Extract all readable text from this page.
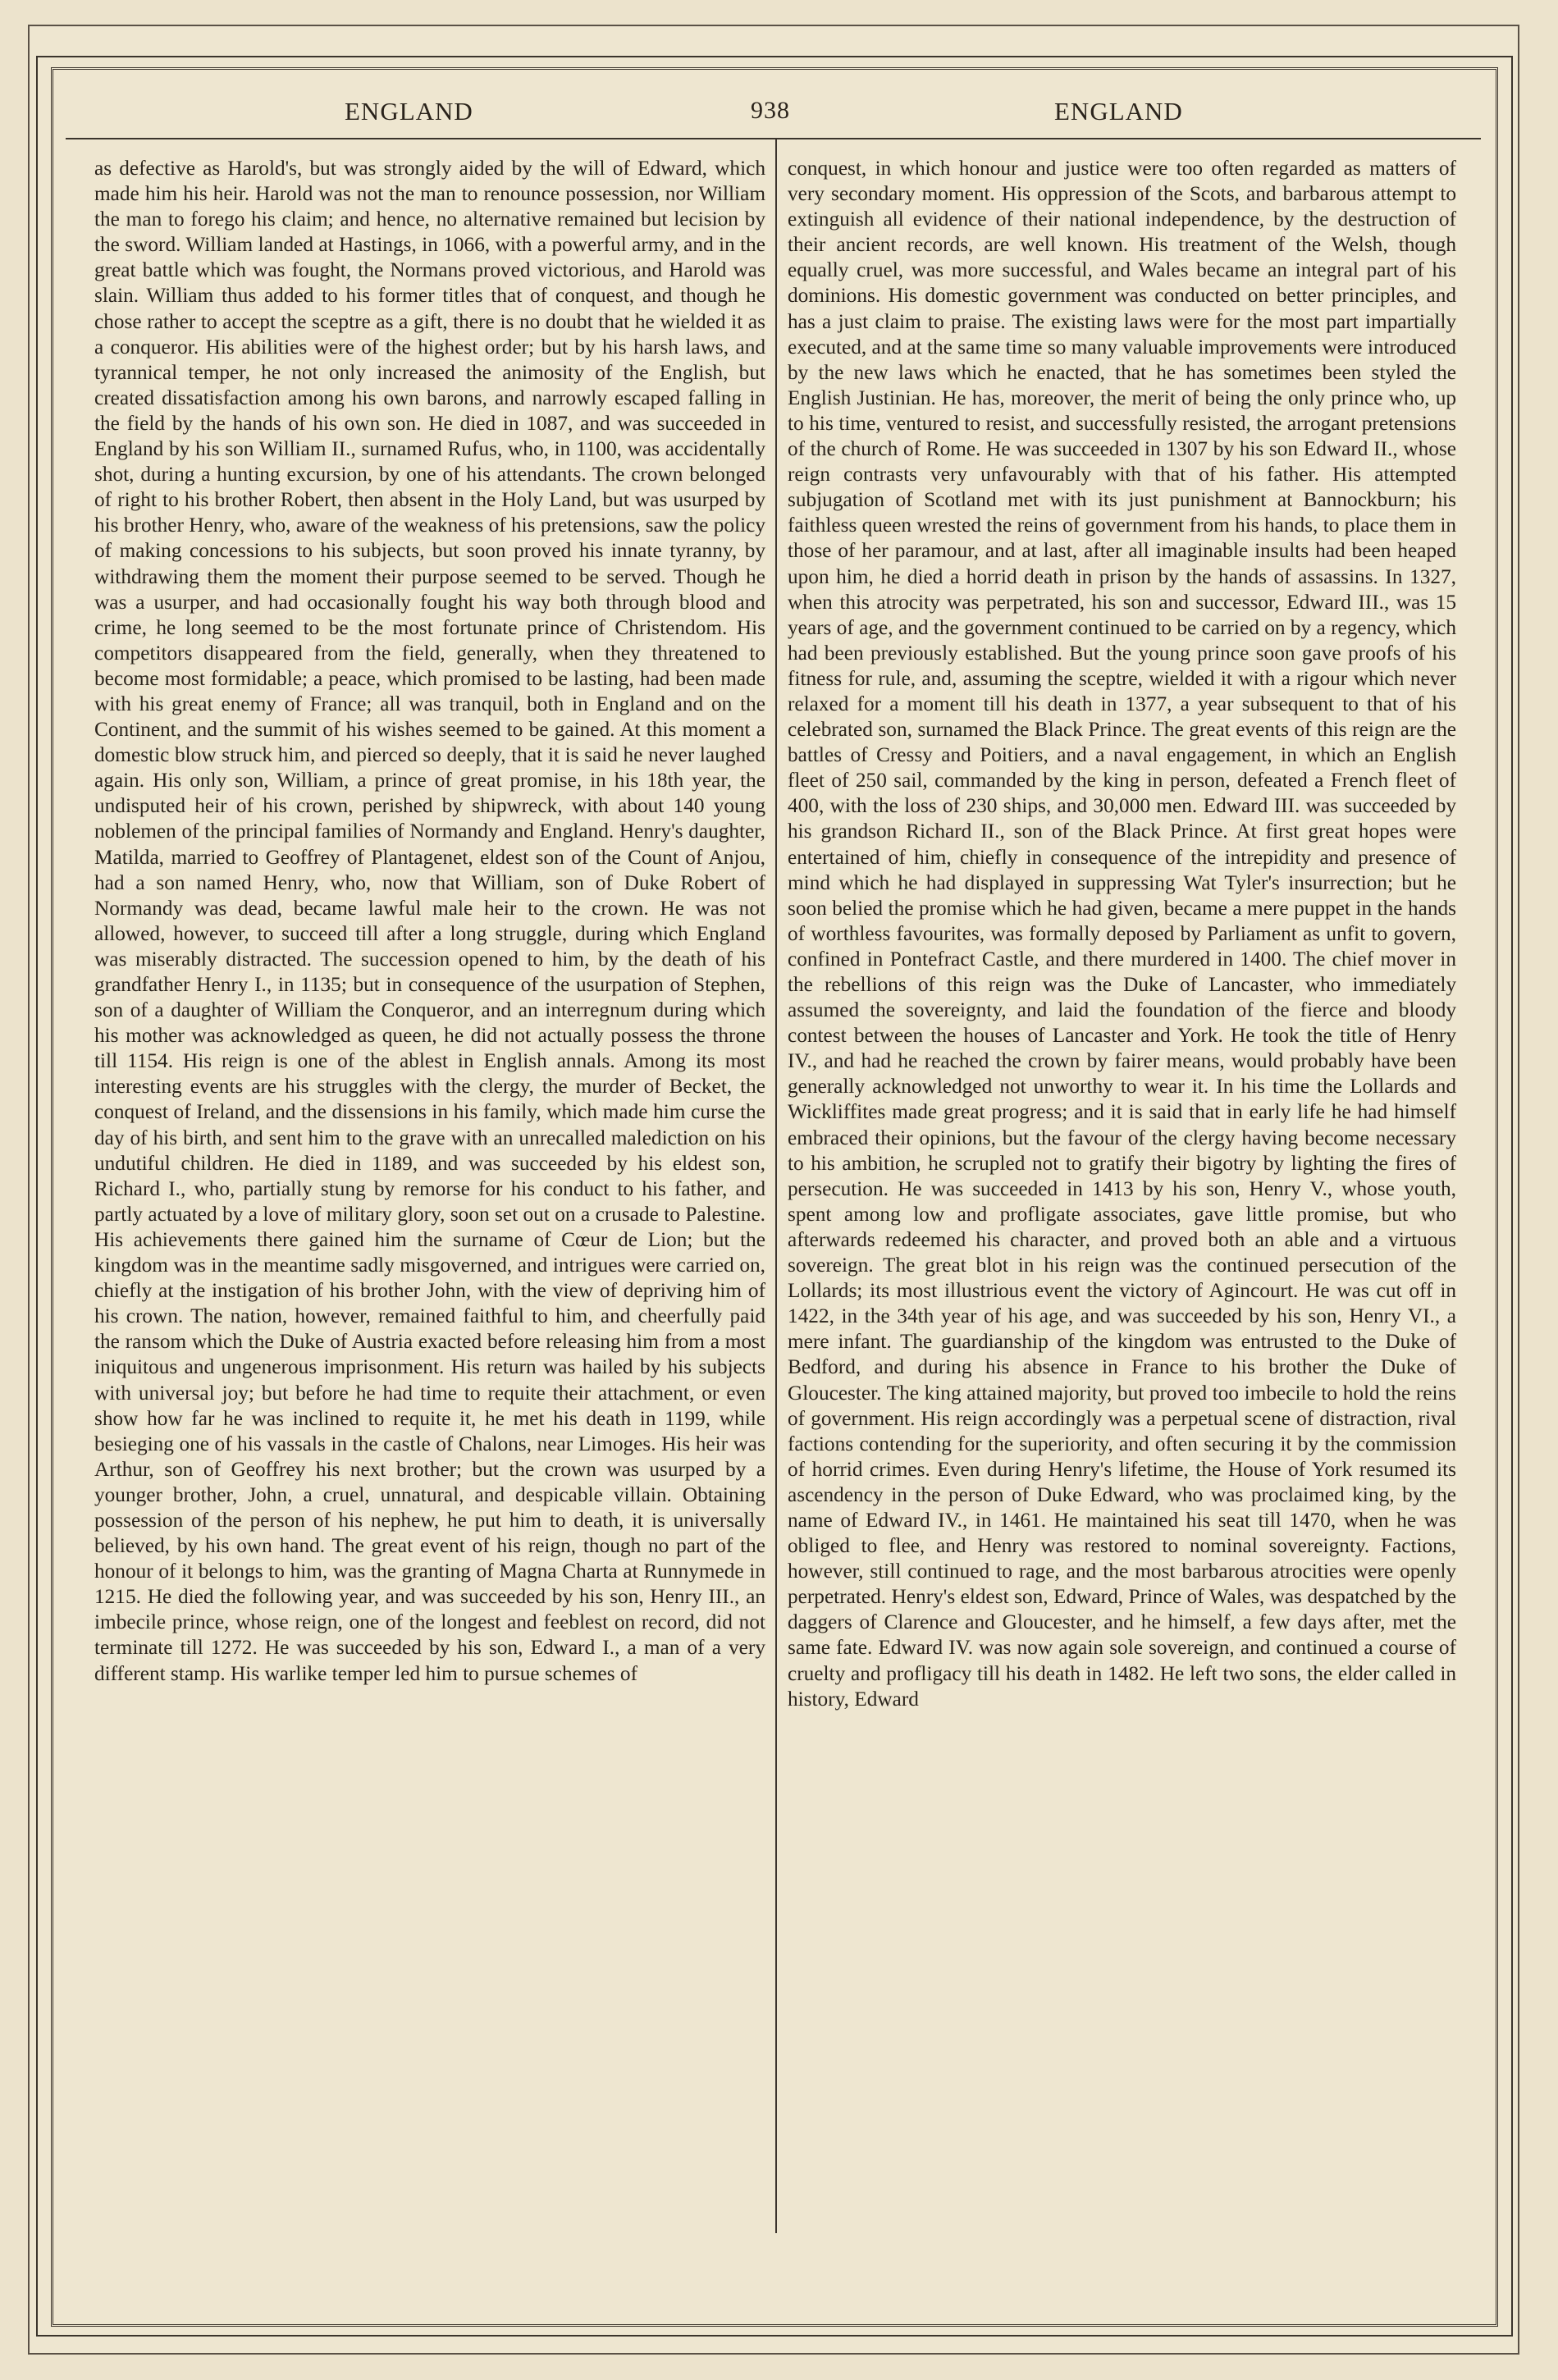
ENGLAND	938	ENGLAND

as defective as Harold's, but was strongly aided by the will of Edward, which made him his heir. Harold was not the man to renounce possession, nor William the man to forego his claim; and hence, no alternative remained but lecision by the sword. William landed at Hastings, in 1066, with a powerful army, and in the great battle which was fought, the Normans proved victorious, and Harold was slain. William thus added to his former titles that of conquest, and though he chose rather to accept the sceptre as a gift, there is no doubt that he wielded it as a conqueror. His abilities were of the highest order; but by his harsh laws, and tyrannical temper, he not only increased the animosity of the English, but created dissatisfaction among his own barons, and narrowly escaped falling in the field by the hands of his own son. He died in 1087, and was succeeded in England by his son William II., surnamed Rufus, who, in 1100, was accidentally shot, during a hunting excursion, by one of his attendants. The crown belonged of right to his brother Robert, then absent in the Holy Land, but was usurped by his brother Henry, who, aware of the weakness of his pretensions, saw the policy of making concessions to his subjects, but soon proved his innate tyranny, by withdrawing them the moment their purpose seemed to be served. Though he was a usurper, and had occasionally fought his way both through blood and crime, he long seemed to be the most fortunate prince of Christendom. His competitors disappeared from the field, generally, when they threatened to become most formidable; a peace, which promised to be lasting, had been made with his great enemy of France; all was tranquil, both in England and on the Continent, and the summit of his wishes seemed to be gained. At this moment a domestic blow struck him, and pierced so deeply, that it is said he never laughed again. His only son, William, a prince of great promise, in his 18th year, the undisputed heir of his crown, perished by shipwreck, with about 140 young noblemen of the principal families of Normandy and England. Henry's daughter, Matilda, married to Geoffrey of Plantagenet, eldest son of the Count of Anjou, had a son named Henry, who, now that William, son of Duke Robert of Normandy was dead, became lawful male heir to the crown. He was not allowed, however, to succeed till after a long struggle, during which England was miserably distracted. The succession opened to him, by the death of his grandfather Henry I., in 1135; but in consequence of the usurpation of Stephen, son of a daughter of William the Conqueror, and an interregnum during which his mother was acknowledged as queen, he did not actually possess the throne till 1154. His reign is one of the ablest in English annals. Among its most interesting events are his struggles with the clergy, the murder of Becket, the conquest of Ireland, and the dissensions in his family, which made him curse the day of his birth, and sent him to the grave with an unrecalled malediction on his undutiful children. He died in 1189, and was succeeded by his eldest son, Richard I., who, partially stung by remorse for his conduct to his father, and partly actuated by a love of military glory, soon set out on a crusade to Palestine. His achievements there gained him the surname of Cœur de Lion; but the kingdom was in the meantime sadly misgoverned, and intrigues were carried on, chiefly at the instigation of his brother John, with the view of depriving him of his crown. The nation, however, remained faithful to him, and cheerfully paid the ransom which the Duke of Austria exacted before releasing him from a most iniquitous and ungenerous imprisonment. His return was hailed by his subjects with universal joy; but before he had time to requite their attachment, or even show how far he was inclined to requite it, he met his death in 1199, while besieging one of his vassals in the castle of Chalons, near Limoges. His heir was Arthur, son of Geoffrey his next brother; but the crown was usurped by a younger brother, John, a cruel, unnatural, and despicable villain. Obtaining possession of the person of his nephew, he put him to death, it is universally believed, by his own hand. The great event of his reign, though no part of the honour of it belongs to him, was the granting of Magna Charta at Runnymede in 1215. He died the following year, and was succeeded by his son, Henry III., an imbecile prince, whose reign, one of the longest and feeblest on record, did not terminate till 1272. He was succeeded by his son, Edward I., a man of a very different stamp. His warlike temper led him to pursue schemes of

conquest, in which honour and justice were too often regarded as matters of very secondary moment. His oppression of the Scots, and barbarous attempt to extinguish all evidence of their national independence, by the destruction of their ancient records, are well known. His treatment of the Welsh, though equally cruel, was more successful, and Wales became an integral part of his dominions. His domestic government was conducted on better principles, and has a just claim to praise. The existing laws were for the most part impartially executed, and at the same time so many valuable improvements were introduced by the new laws which he enacted, that he has sometimes been styled the English Justinian. He has, moreover, the merit of being the only prince who, up to his time, ventured to resist, and successfully resisted, the arrogant pretensions of the church of Rome. He was succeeded in 1307 by his son Edward II., whose reign contrasts very unfavourably with that of his father. His attempted subjugation of Scotland met with its just punishment at Bannockburn; his faithless queen wrested the reins of government from his hands, to place them in those of her paramour, and at last, after all imaginable insults had been heaped upon him, he died a horrid death in prison by the hands of assassins. In 1327, when this atrocity was perpetrated, his son and successor, Edward III., was 15 years of age, and the government continued to be carried on by a regency, which had been previously established. But the young prince soon gave proofs of his fitness for rule, and, assuming the sceptre, wielded it with a rigour which never relaxed for a moment till his death in 1377, a year subsequent to that of his celebrated son, surnamed the Black Prince. The great events of this reign are the battles of Cressy and Poitiers, and a naval engagement, in which an English fleet of 250 sail, commanded by the king in person, defeated a French fleet of 400, with the loss of 230 ships, and 30,000 men. Edward III. was succeeded by his grandson Richard II., son of the Black Prince. At first great hopes were entertained of him, chiefly in consequence of the intrepidity and presence of mind which he had displayed in suppressing Wat Tyler's insurrection; but he soon belied the promise which he had given, became a mere puppet in the hands of worthless favourites, was formally deposed by Parliament as unfit to govern, confined in Pontefract Castle, and there murdered in 1400. The chief mover in the rebellions of this reign was the Duke of Lancaster, who immediately assumed the sovereignty, and laid the foundation of the fierce and bloody contest between the houses of Lancaster and York. He took the title of Henry IV., and had he reached the crown by fairer means, would probably have been generally acknowledged not unworthy to wear it. In his time the Lollards and Wickliffites made great progress; and it is said that in early life he had himself embraced their opinions, but the favour of the clergy having become necessary to his ambition, he scrupled not to gratify their bigotry by lighting the fires of persecution. He was succeeded in 1413 by his son, Henry V., whose youth, spent among low and profligate associates, gave little promise, but who afterwards redeemed his character, and proved both an able and a virtuous sovereign. The great blot in his reign was the continued persecution of the Lollards; its most illustrious event the victory of Agincourt. He was cut off in 1422, in the 34th year of his age, and was succeeded by his son, Henry VI., a mere infant. The guardianship of the kingdom was entrusted to the Duke of Bedford, and during his absence in France to his brother the Duke of Gloucester. The king attained majority, but proved too imbecile to hold the reins of government. His reign accordingly was a perpetual scene of distraction, rival factions contending for the superiority, and often securing it by the commission of horrid crimes. Even during Henry's lifetime, the House of York resumed its ascendency in the person of Duke Edward, who was proclaimed king, by the name of Edward IV., in 1461. He maintained his seat till 1470, when he was obliged to flee, and Henry was restored to nominal sovereignty. Factions, however, still continued to rage, and the most barbarous atrocities were openly perpetrated. Henry's eldest son, Edward, Prince of Wales, was despatched by the daggers of Clarence and Gloucester, and he himself, a few days after, met the same fate. Edward IV. was now again sole sovereign, and continued a course of cruelty and profligacy till his death in 1482. He left two sons, the elder called in history, Edward
